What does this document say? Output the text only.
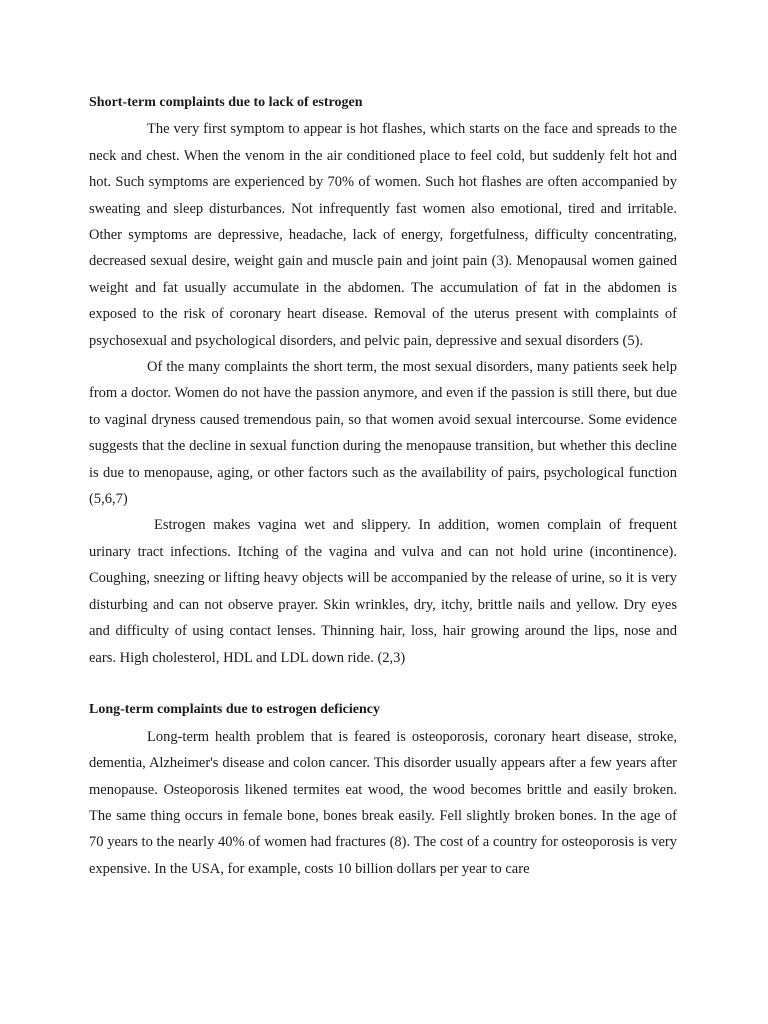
Short-term complaints due to lack of estrogen

The very first symptom to appear is hot flashes, which starts on the face and spreads to the neck and chest. When the venom in the air conditioned place to feel cold, but suddenly felt hot and hot. Such symptoms are experienced by 70% of women. Such hot flashes are often accompanied by sweating and sleep disturbances. Not infrequently fast women also emotional, tired and irritable. Other symptoms are depressive, headache, lack of energy, forgetfulness, difficulty concentrating, decreased sexual desire, weight gain and muscle pain and joint pain (3). Menopausal women gained weight and fat usually accumulate in the abdomen. The accumulation of fat in the abdomen is exposed to the risk of coronary heart disease. Removal of the uterus present with complaints of psychosexual and psychological disorders, and pelvic pain, depressive and sexual disorders (5).

Of the many complaints the short term, the most sexual disorders, many patients seek help from a doctor. Women do not have the passion anymore, and even if the passion is still there, but due to vaginal dryness caused tremendous pain, so that women avoid sexual intercourse. Some evidence suggests that the decline in sexual function during the menopause transition, but whether this decline is due to menopause, aging, or other factors such as the availability of pairs, psychological function (5,6,7)

Estrogen makes vagina wet and slippery. In addition, women complain of frequent urinary tract infections. Itching of the vagina and vulva and can not hold urine (incontinence). Coughing, sneezing or lifting heavy objects will be accompanied by the release of urine, so it is very disturbing and can not observe prayer. Skin wrinkles, dry, itchy, brittle nails and yellow. Dry eyes and difficulty of using contact lenses. Thinning hair, loss, hair growing around the lips, nose and ears. High cholesterol, HDL and LDL down ride. (2,3)

Long-term complaints due to estrogen deficiency

Long-term health problem that is feared is osteoporosis, coronary heart disease, stroke, dementia, Alzheimer's disease and colon cancer. This disorder usually appears after a few years after menopause. Osteoporosis likened termites eat wood, the wood becomes brittle and easily broken. The same thing occurs in female bone, bones break easily. Fell slightly broken bones. In the age of 70 years to the nearly 40% of women had fractures (8). The cost of a country for osteoporosis is very expensive. In the USA, for example, costs 10 billion dollars per year to care
